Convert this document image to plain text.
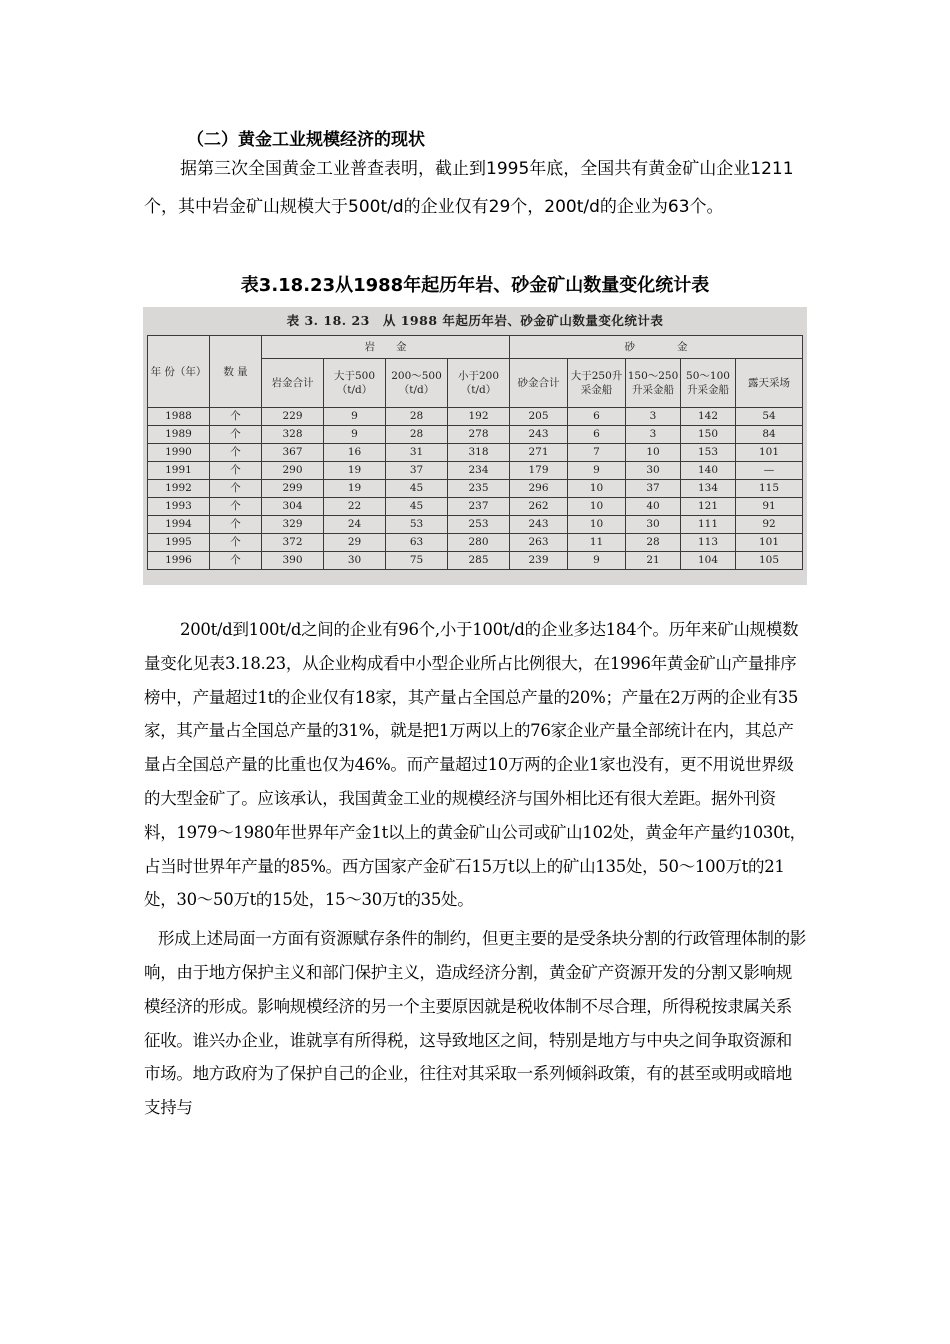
（二）黄金工业规模经济的现状

据第三次全国黄金工业普查表明，截止到1995年底，全国共有黄金矿山企业1211个，其中岩金矿山规模大于500t/d的企业仅有29个，200t/d的企业为63个。

表3.18.23从1988年起历年岩、砂金矿山数量变化统计表
表 3. 18. 23　从 1988 年起历年岩、砂金矿山数量变化统计表
年 份（年）	数 量	岩　　金				砂　　　　金				
		岩金合计	大于500（t/d）	200～500（t/d）	小于200（t/d）	砂金合计	大于250升采金船	150～250升采金船	50～100升采金船	露天采场
1988	个	229	9	28	192	205	6	3	142	54
1989	个	328	9	28	278	243	6	3	150	84
1990	个	367	16	31	318	271	7	10	153	101
1991	个	290	19	37	234	179	9	30	140	—
1992	个	299	19	45	235	296	10	37	134	115
1993	个	304	22	45	237	262	10	40	121	91
1994	个	329	24	53	253	243	10	30	111	92
1995	个	372	29	63	280	263	11	28	113	101
1996	个	390	30	75	285	239	9	21	104	105

200t/d到100t/d之间的企业有96个,小于100t/d的企业多达184个。历年来矿山规模数量变化见表3.18.23，从企业构成看中小型企业所占比例很大，在1996年黄金矿山产量排序榜中，产量超过1t的企业仅有18家，其产量占全国总产量的20%；产量在2万两的企业有35家，其产量占全国总产量的31%，就是把1万两以上的76家企业产量全部统计在内，其总产量占全国总产量的比重也仅为46%。而产量超过10万两的企业1家也没有，更不用说世界级的大型金矿了。应该承认，我国黄金工业的规模经济与国外相比还有很大差距。据外刊资料，1979～1980年世界年产金1t以上的黄金矿山公司或矿山102处，黄金年产量约1030t，占当时世界年产量的85%。西方国家产金矿石15万t以上的矿山135处，50～100万t的21处，30～50万t的15处，15～30万t的35处。

形成上述局面一方面有资源赋存条件的制约，但更主要的是受条块分割的行政管理体制的影响，由于地方保护主义和部门保护主义，造成经济分割，黄金矿产资源开发的分割又影响规模经济的形成。影响规模经济的另一个主要原因就是税收体制不尽合理，所得税按隶属关系征收。谁兴办企业，谁就享有所得税，这导致地区之间，特别是地方与中央之间争取资源和市场。地方政府为了保护自己的企业，往往对其采取一系列倾斜政策，有的甚至或明或暗地支持与
